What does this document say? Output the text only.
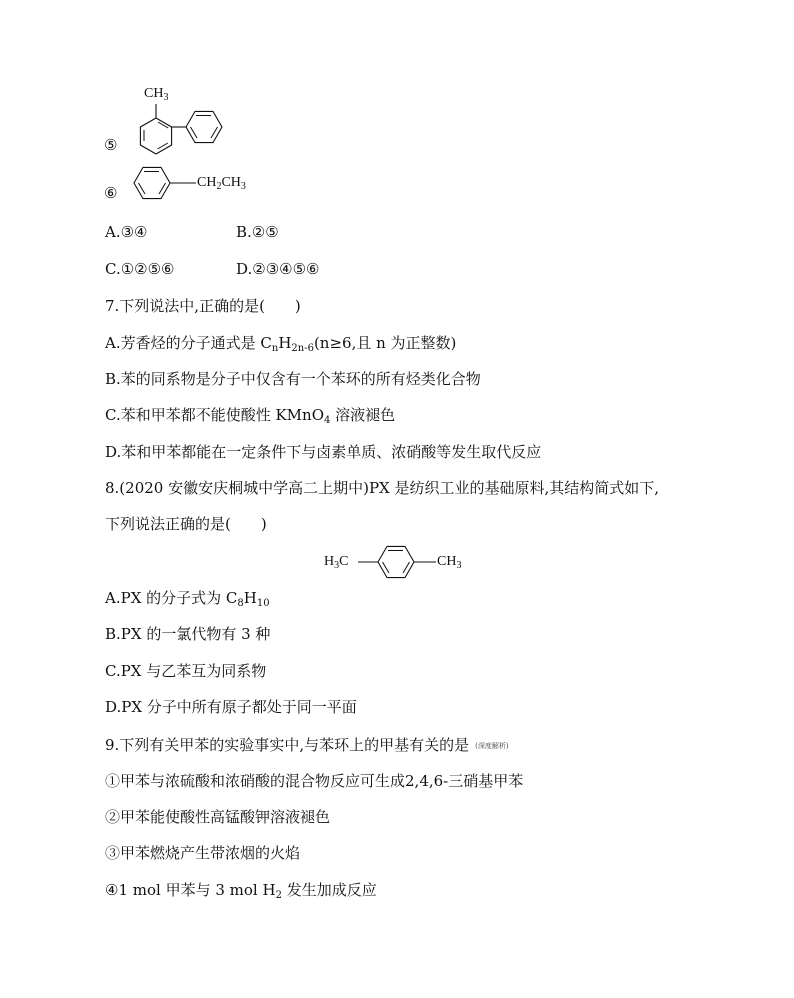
$CH_3$
⑤
⑥
$CH_2CH_3$
A.③④	B.②⑤
C.①②⑤⑥	D.②③④⑤⑥
7.下列说法中,正确的是(　　)
A.芳香烃的分子通式是 $C_nH_{2n-6}(n\ge 6$,且 n 为正整数)
B.苯的同系物是分子中仅含有一个苯环的所有烃类化合物
C.苯和甲苯都不能使酸性 KMnO$_4$ 溶液褪色
D.苯和甲苯都能在一定条件下与卤素单质、浓硝酸等发生取代反应
8.(2020 安徽安庆桐城中学高二上期中)PX 是纺织工业的基础原料,其结构简式如下,
下列说法正确的是(　　)
$H_3C$	$CH_3$
A.PX 的分子式为 $C_8H_{10}$
B.PX 的一氯代物有 3 种
C.PX 与乙苯互为同系物
D.PX 分子中所有原子都处于同一平面
9.下列有关甲苯的实验事实中,与苯环上的甲基有关的是 (深度解析)
①甲苯与浓硫酸和浓硝酸的混合物反应可生成2,4,6-三硝基甲苯
②甲苯能使酸性高锰酸钾溶液褪色
③甲苯燃烧产生带浓烟的火焰
④1 mol 甲苯与 3 mol $H_2$ 发生加成反应
